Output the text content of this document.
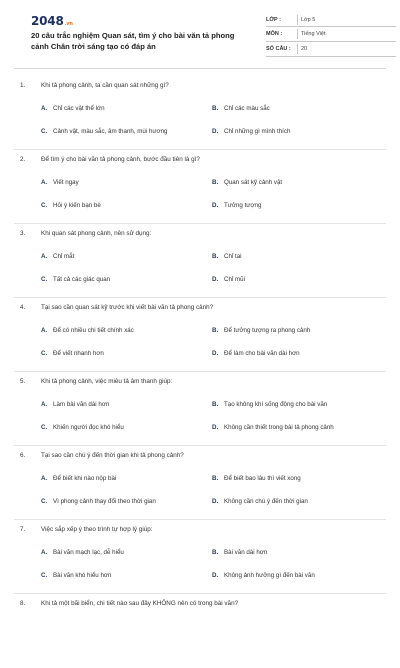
2048.vn
20 câu trắc nghiệm Quan sát, tìm ý cho bài văn tả phong cảnh Chân trời sáng tạo có đáp án
LỚP :	Lớp 5
MÔN :	Tiếng Việt
SỐ CÂU :	20
1.	Khi tả phong cảnh, ta cần quan sát những gì?
A. Chỉ các vật thể lớn	B. Chỉ các màu sắc
C. Cảnh vật, màu sắc, âm thanh, mùi hương	D. Chỉ những gì mình thích
2.	Để tìm ý cho bài văn tả phong cảnh, bước đầu tiên là gì?
A. Viết ngay	B. Quan sát kỹ cảnh vật
C. Hỏi ý kiến bạn bè	D. Tưởng tượng
3.	Khi quan sát phong cảnh, nên sử dụng:
A. Chỉ mắt	B. Chỉ tai
C. Tất cả các giác quan	D. Chỉ mũi
4.	Tại sao cần quan sát kỹ trước khi viết bài văn tả phong cảnh?
A. Để có nhiều chi tiết chính xác	B. Để tưởng tượng ra phong cảnh
C. Để viết nhanh hơn	D. Để làm cho bài văn dài hơn
5.	Khi tả phong cảnh, việc miêu tả âm thanh giúp:
A. Làm bài văn dài hơn	B. Tạo không khí sống động cho bài văn
C. Khiến người đọc khó hiểu	D. Không cần thiết trong bài tả phong cảnh
6.	Tại sao cần chú ý đến thời gian khi tả phong cảnh?
A. Để biết khi nào nộp bài	B. Để biết bao lâu thì viết xong
C. Vì phong cảnh thay đổi theo thời gian	D. Không cần chú ý đến thời gian
7.	Việc sắp xếp ý theo trình tự hợp lý giúp:
A. Bài văn mạch lạc, dễ hiểu	B. Bài văn dài hơn
C. Bài văn khó hiểu hơn	D. Không ảnh hưởng gì đến bài văn
8.	Khi tả một bãi biển, chi tiết nào sau đây KHÔNG nên có trong bài văn?
